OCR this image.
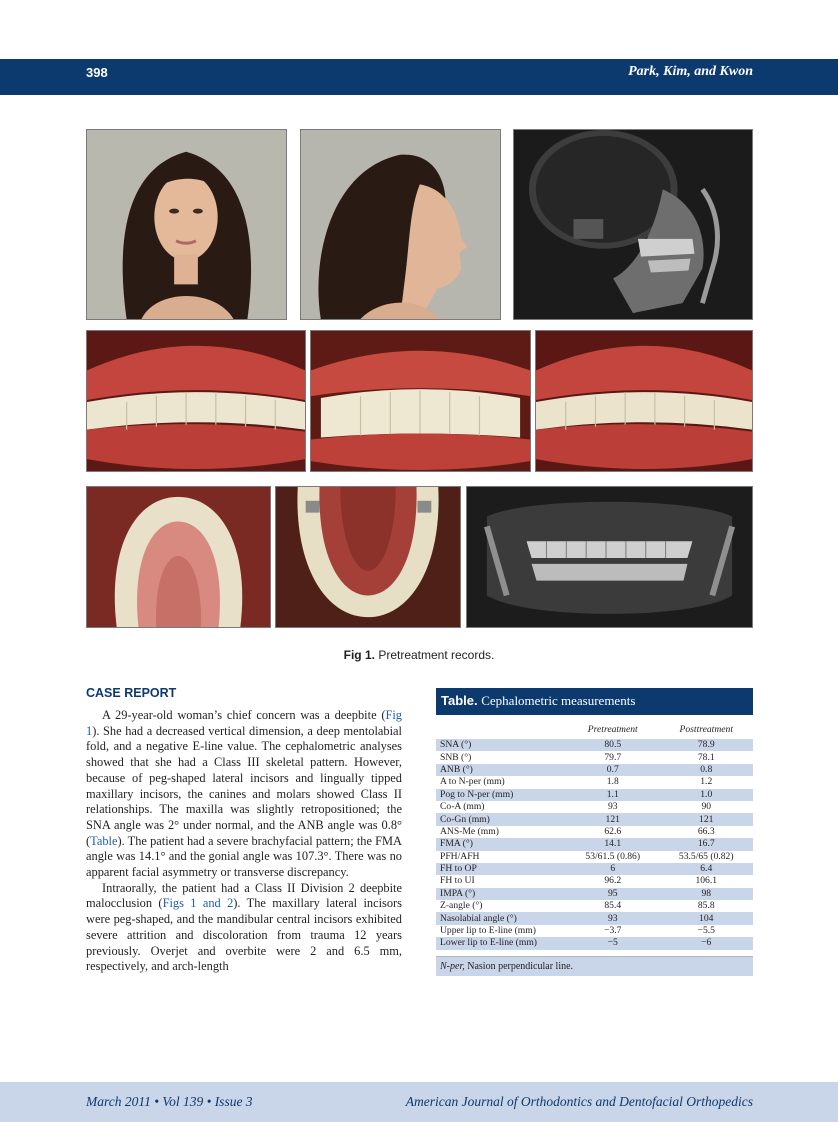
398	Park, Kim, and Kwon
Fig 1. Pretreatment records.
CASE REPORT

A 29-year-old woman’s chief concern was a deepbite (Fig 1). She had a decreased vertical dimension, a deep mentolabial fold, and a negative E-line value. The cephalometric analyses showed that she had a Class III skeletal pattern. However, because of peg-shaped lateral incisors and lingually tipped maxillary incisors, the canines and molars showed Class II relationships. The maxilla was slightly retropositioned; the SNA angle was 2° under normal, and the ANB angle was 0.8° (Table). The patient had a severe brachyfacial pattern; the FMA angle was 14.1° and the gonial angle was 107.3°. There was no apparent facial asymmetry or transverse discrepancy.

Intraorally, the patient had a Class II Division 2 deepbite malocclusion (Figs 1 and 2). The maxillary lateral incisors were peg-shaped, and the mandibular central incisors exhibited severe attrition and discoloration from trauma 12 years previously. Overjet and overbite were 2 and 6.5 mm, respectively, and arch-length

Table. Cephalometric measurements
	Pretreatment	Posttreatment
SNA (°)	80.5	78.9
SNB (°)	79.7	78.1
ANB (°)	0.7	0.8
A to N-per (mm)	1.8	1.2
Pog to N-per (mm)	1.1	1.0
Co-A (mm)	93	90
Co-Gn (mm)	121	121
ANS-Me (mm)	62.6	66.3
FMA (°)	14.1	16.7
PFH/AFH	53/61.5 (0.86)	53.5/65 (0.82)
FH to OP	6	6.4
FH to UI	96.2	106.1
IMPA (°)	95	98
Z-angle (°)	85.4	85.8
Nasolabial angle (°)	93	104
Upper lip to E-line (mm)	−3.7	−5.5
Lower lip to E-line (mm)	−5	−6
N-per, Nasion perpendicular line.
March 2011 • Vol 139 • Issue 3	American Journal of Orthodontics and Dentofacial Orthopedics
